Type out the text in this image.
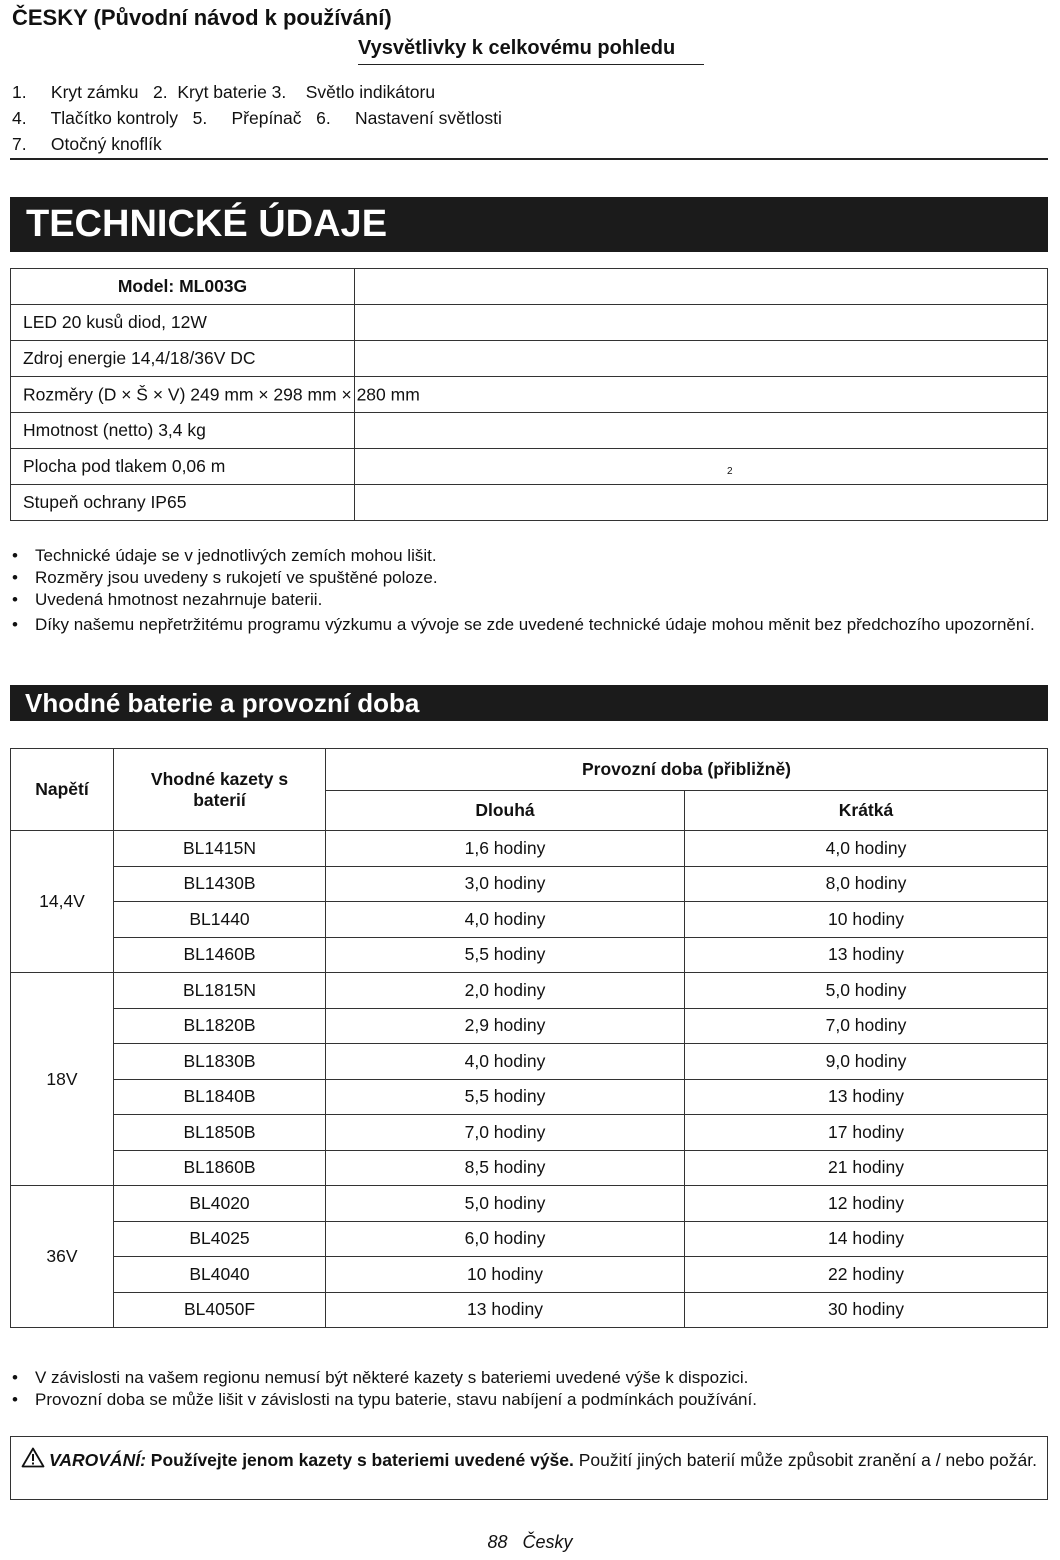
ČESKY (Původní návod k používání)
Vysvětlivky k celkovému pohledu
1.     Kryt zámku   2.  Kryt baterie 3.    Světlo indikátoru
4.     Tlačítko kontroly   5.     Přepínač   6.     Nastavení světlosti
7.     Otočný knoflík
TECHNICKÉ ÚDAJE
Model: ML003G	
LED 20 kusů diod, 12W	
Zdroj energie 14,4/18/36V DC	

Rozměry (D × Š × V) 249 mm × 298 mm × 280 mm	

Hmotnost (netto) 3,4 kg	
Plocha pod tlakem 0,06 m	
Stupeň ochrany IP65	
2
• Technické údaje se v jednotlivých zemích mohou lišit.
• Rozměry jsou uvedeny s rukojetí ve spuštěné poloze.
• Uvedená hmotnost nezahrnuje baterii.
• Díky našemu nepřetržitému programu výzkumu a vývoje se zde uvedené technické údaje mohou měnit bez předchozího upozornění.
Vhodné baterie a provozní doba
Napětí	Vhodné kazety s baterií	Provozní doba (přibližně)	
		Dlouhá	Krátká
14,4V	BL1415N	1,6 hodiny	4,0 hodiny
	BL1430B	3,0 hodiny	8,0 hodiny
	BL1440	4,0 hodiny	10 hodiny
	BL1460B	5,5 hodiny	13 hodiny
18V	BL1815N	2,0 hodiny	5,0 hodiny
	BL1820B	2,9 hodiny	7,0 hodiny
	BL1830B	4,0 hodiny	9,0 hodiny
	BL1840B	5,5 hodiny	13 hodiny
	BL1850B	7,0 hodiny	17 hodiny
	BL1860B	8,5 hodiny	21 hodiny
36V	BL4020	5,0 hodiny	12 hodiny
	BL4025	6,0 hodiny	14 hodiny
	BL4040	10 hodiny	22 hodiny
	BL4050F	13 hodiny	30 hodiny
• V závislosti na vašem regionu nemusí být některé kazety s bateriemi uvedené výše k dispozici.
• Provozní doba se může lišit v závislosti na typu baterie, stavu nabíjení a podmínkách používání.
VAROVÁNÍ: Používejte jenom kazety s bateriemi uvedené výše. Použití jiných baterií může způsobit zranění a / nebo požár.
88 Česky
